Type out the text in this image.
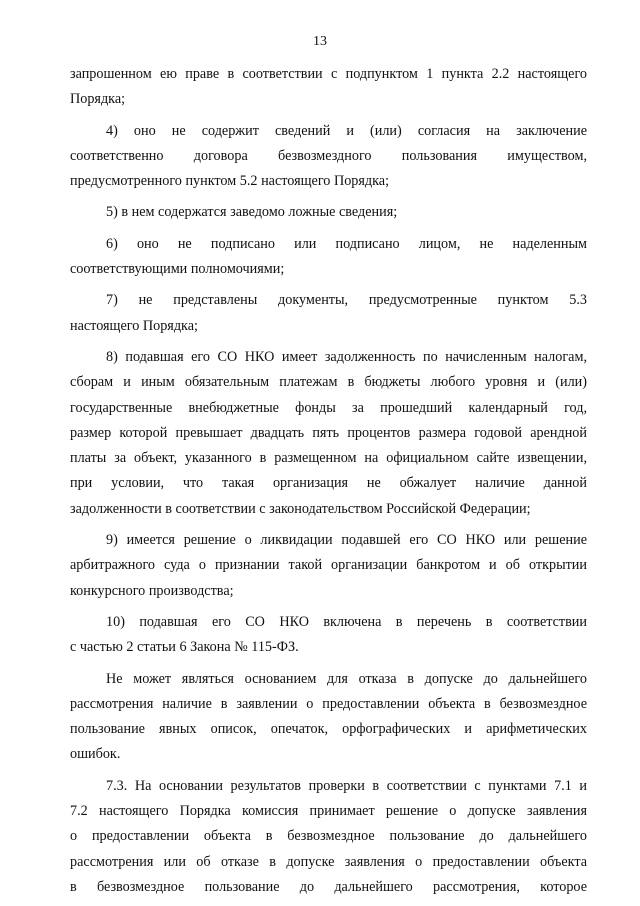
13
запрошенном ею праве в соответствии с подпунктом 1 пункта 2.2 настоящего
Порядка;
4) оно не содержит сведений и (или) согласия на заключение
соответственно договора безвозмездного пользования имуществом,
предусмотренного пунктом 5.2 настоящего Порядка;
5) в нем содержатся заведомо ложные сведения;
6) оно не подписано или подписано лицом, не наделенным
соответствующими полномочиями;
7) не представлены документы, предусмотренные пунктом 5.3
настоящего Порядка;
8) подавшая его СО НКО имеет задолженность по начисленным налогам,
сборам и иным обязательным платежам в бюджеты любого уровня и (или)
государственные внебюджетные фонды за прошедший календарный год,
размер которой превышает двадцать пять процентов размера годовой арендной
платы за объект, указанного в размещенном на официальном сайте извещении,
при условии, что такая организация не обжалует наличие данной
задолженности в соответствии с законодательством Российской Федерации;
9) имеется решение о ликвидации подавшей его СО НКО или решение
арбитражного суда о признании такой организации банкротом и об открытии
конкурсного производства;
10) подавшая его СО НКО включена в перечень в соответствии
с частью 2 статьи 6 Закона № 115-ФЗ.
Не может являться основанием для отказа в допуске до дальнейшего
рассмотрения наличие в заявлении о предоставлении объекта в безвозмездное
пользование явных описок, опечаток, орфографических и арифметических
ошибок.
7.3. На основании результатов проверки в соответствии с пунктами 7.1 и
7.2 настоящего Порядка комиссия принимает решение о допуске заявления
о предоставлении объекта в безвозмездное пользование до дальнейшего
рассмотрения или об отказе в допуске заявления о предоставлении объекта
в безвозмездное пользование до дальнейшего рассмотрения, которое
